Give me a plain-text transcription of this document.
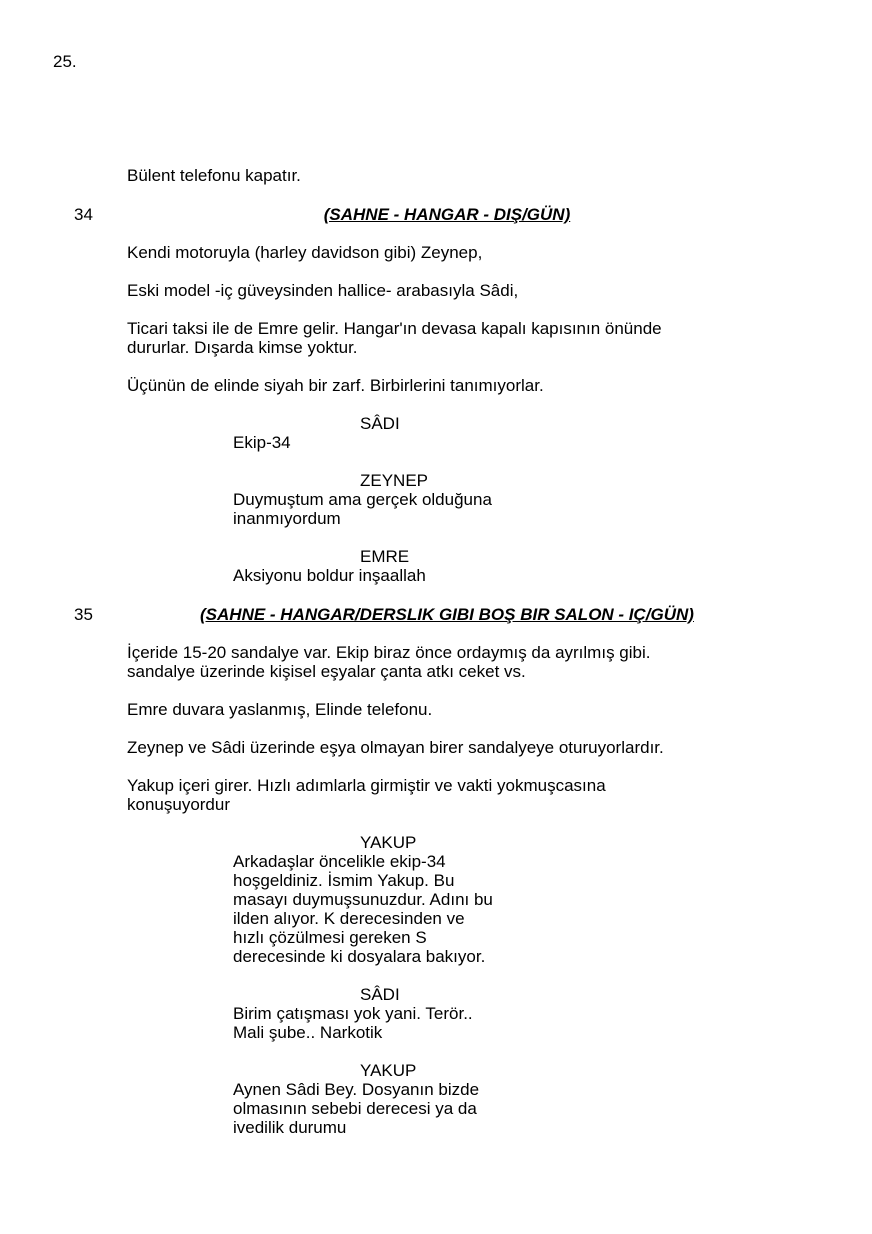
25.
Bülent telefonu kapatır.
34	(SAHNE - HANGAR - DIŞ/GÜN)
Kendi motoruyla (harley davidson gibi) Zeynep,
Eski model -iç güveysinden hallice- arabasıyla Sâdi,
Ticari taksi ile de Emre gelir. Hangar'ın devasa kapalı kapısının önünde
dururlar. Dışarda kimse yoktur.
Üçünün de elinde siyah bir zarf. Birbirlerini tanımıyorlar.
SÂDI
Ekip-34
ZEYNEP
Duymuştum ama gerçek olduğuna
inanmıyordum
EMRE
Aksiyonu boldur inşaallah
35	(SAHNE - HANGAR/DERSLIK GIBI BOŞ BIR SALON - IÇ/GÜN)
İçeride 15-20 sandalye var. Ekip biraz önce ordaymış da ayrılmış gibi.
sandalye üzerinde kişisel eşyalar çanta atkı ceket vs.
Emre duvara yaslanmış, Elinde telefonu.
Zeynep ve Sâdi üzerinde eşya olmayan birer sandalyeye oturuyorlardır.
Yakup içeri girer. Hızlı adımlarla girmiştir ve vakti yokmuşcasına
konuşuyordur
YAKUP
Arkadaşlar öncelikle ekip-34
hoşgeldiniz. İsmim Yakup. Bu
masayı duymuşsunuzdur. Adını bu
ilden alıyor. K derecesinden ve
hızlı çözülmesi gereken S
derecesinde ki dosyalara bakıyor.
SÂDI
Birim çatışması yok yani. Terör..
Mali şube.. Narkotik
YAKUP
Aynen Sâdi Bey. Dosyanın bizde
olmasının sebebi derecesi ya da
ivedilik durumu
